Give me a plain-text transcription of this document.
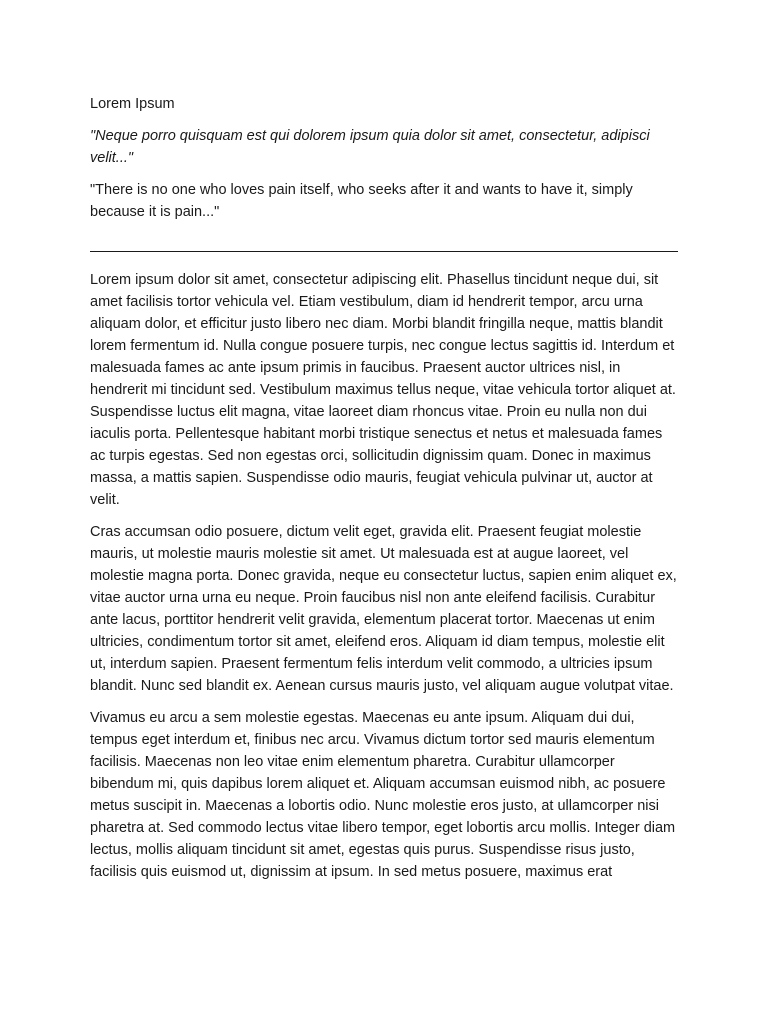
Lorem Ipsum

"Neque porro quisquam est qui dolorem ipsum quia dolor sit amet, consectetur, adipisci velit..."

"There is no one who loves pain itself, who seeks after it and wants to have it, simply because it is pain..."

Lorem ipsum dolor sit amet, consectetur adipiscing elit. Phasellus tincidunt neque dui, sit amet facilisis tortor vehicula vel. Etiam vestibulum, diam id hendrerit tempor, arcu urna aliquam dolor, et efficitur justo libero nec diam. Morbi blandit fringilla neque, mattis blandit lorem fermentum id. Nulla congue posuere turpis, nec congue lectus sagittis id. Interdum et malesuada fames ac ante ipsum primis in faucibus. Praesent auctor ultrices nisl, in hendrerit mi tincidunt sed. Vestibulum maximus tellus neque, vitae vehicula tortor aliquet at. Suspendisse luctus elit magna, vitae laoreet diam rhoncus vitae. Proin eu nulla non dui iaculis porta. Pellentesque habitant morbi tristique senectus et netus et malesuada fames ac turpis egestas. Sed non egestas orci, sollicitudin dignissim quam. Donec in maximus massa, a mattis sapien. Suspendisse odio mauris, feugiat vehicula pulvinar ut, auctor at velit.

Cras accumsan odio posuere, dictum velit eget, gravida elit. Praesent feugiat molestie mauris, ut molestie mauris molestie sit amet. Ut malesuada est at augue laoreet, vel molestie magna porta. Donec gravida, neque eu consectetur luctus, sapien enim aliquet ex, vitae auctor urna urna eu neque. Proin faucibus nisl non ante eleifend facilisis. Curabitur ante lacus, porttitor hendrerit velit gravida, elementum placerat tortor. Maecenas ut enim ultricies, condimentum tortor sit amet, eleifend eros. Aliquam id diam tempus, molestie elit ut, interdum sapien. Praesent fermentum felis interdum velit commodo, a ultricies ipsum blandit. Nunc sed blandit ex. Aenean cursus mauris justo, vel aliquam augue volutpat vitae.

Vivamus eu arcu a sem molestie egestas. Maecenas eu ante ipsum. Aliquam dui dui, tempus eget interdum et, finibus nec arcu. Vivamus dictum tortor sed mauris elementum facilisis. Maecenas non leo vitae enim elementum pharetra. Curabitur ullamcorper bibendum mi, quis dapibus lorem aliquet et. Aliquam accumsan euismod nibh, ac posuere metus suscipit in. Maecenas a lobortis odio. Nunc molestie eros justo, at ullamcorper nisi pharetra at. Sed commodo lectus vitae libero tempor, eget lobortis arcu mollis. Integer diam lectus, mollis aliquam tincidunt sit amet, egestas quis purus. Suspendisse risus justo, facilisis quis euismod ut, dignissim at ipsum. In sed metus posuere, maximus erat
